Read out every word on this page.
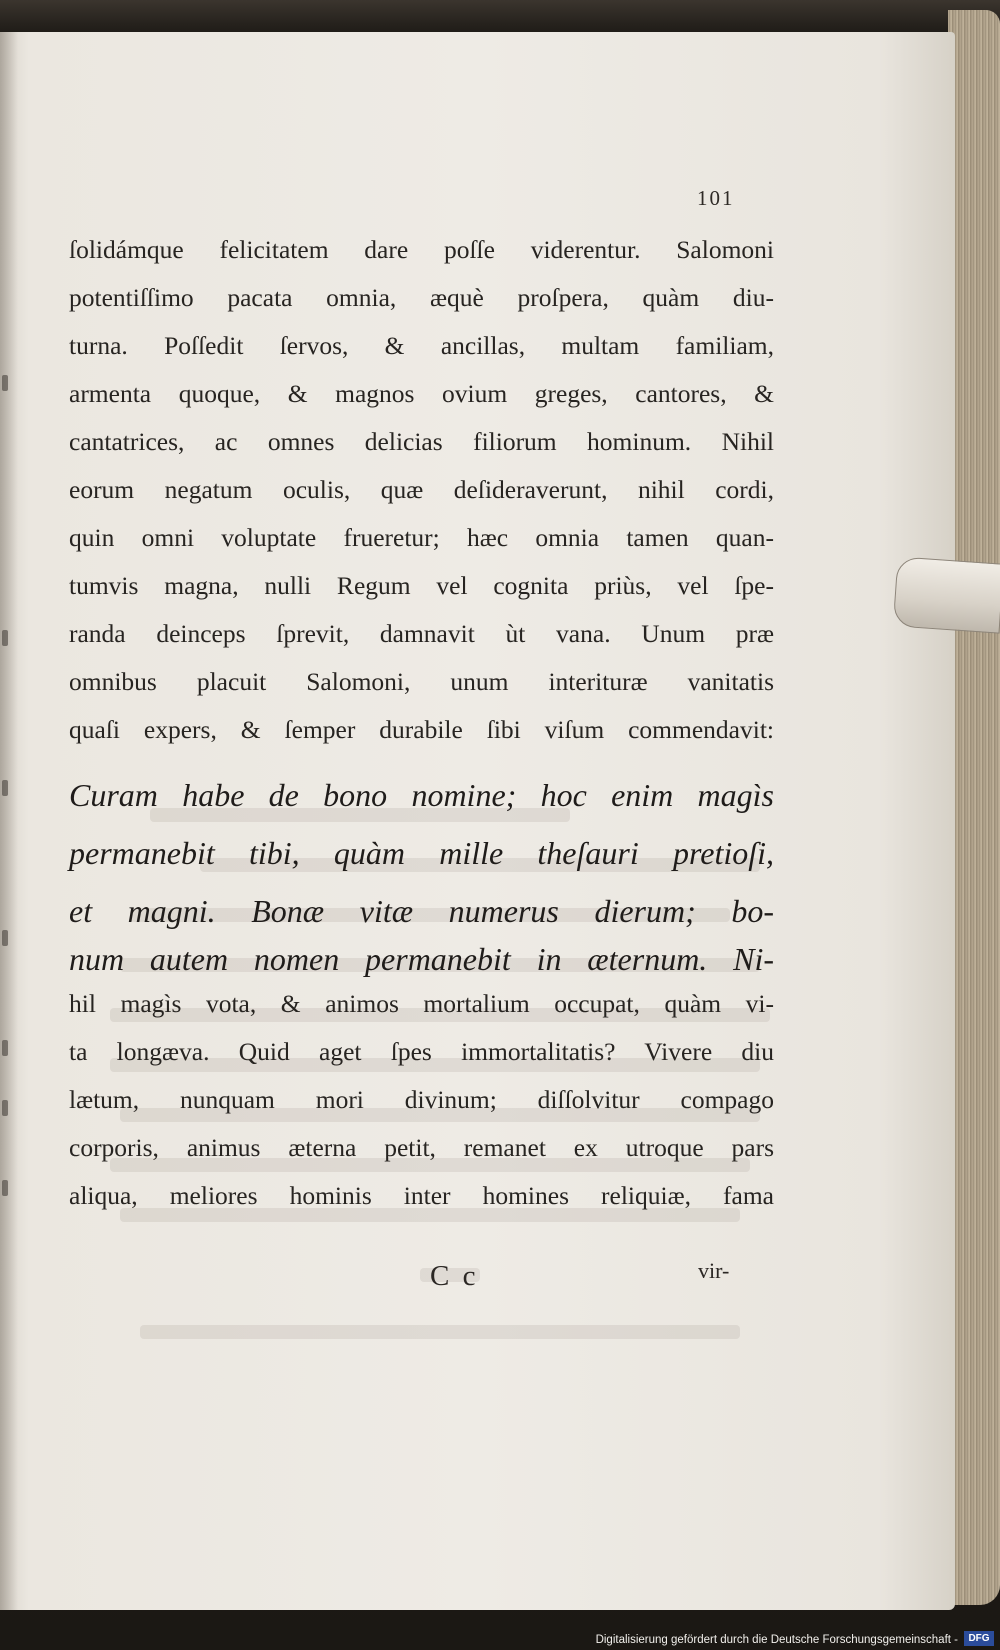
101
ſolidámque felicitatem dare poſſe viderentur. Salomoni
potentiſſimo pacata omnia, æquè proſpera, quàm diu-
turna. Poſſedit ſervos, & ancillas, multam familiam,
armenta quoque, & magnos ovium greges, cantores, &
cantatrices, ac omnes delicias filiorum hominum. Nihil
eorum negatum oculis, quæ deſideraverunt, nihil cordi,
quin omni voluptate frueretur; hæc omnia tamen quan-
tumvis magna, nulli Regum vel cognita priùs, vel ſpe-
randa deinceps ſprevit, damnavit ùt vana. Unum præ
omnibus placuit Salomoni, unum interituræ vanitatis
quaſi expers, & ſemper durabile ſibi viſum commendavit:
Curam habe de bono nomine; hoc enim magìs
permanebit tibi, quàm mille theſauri pretioſi,
et magni. Bonæ vitæ numerus dierum; bo-
num autem nomen permanebit in æternum. Ni-
hil magìs vota, & animos mortalium occupat, quàm vi-
ta longæva. Quid aget ſpes immortalitatis? Vivere diu
lætum, nunquam mori divinum; diſſolvitur compago
corporis, animus æterna petit, remanet ex utroque pars
aliqua, meliores hominis inter homines reliquiæ, fama
C c	vir-
Digitalisierung gefördert durch die Deutsche Forschungsgemeinschaft -	DFG
